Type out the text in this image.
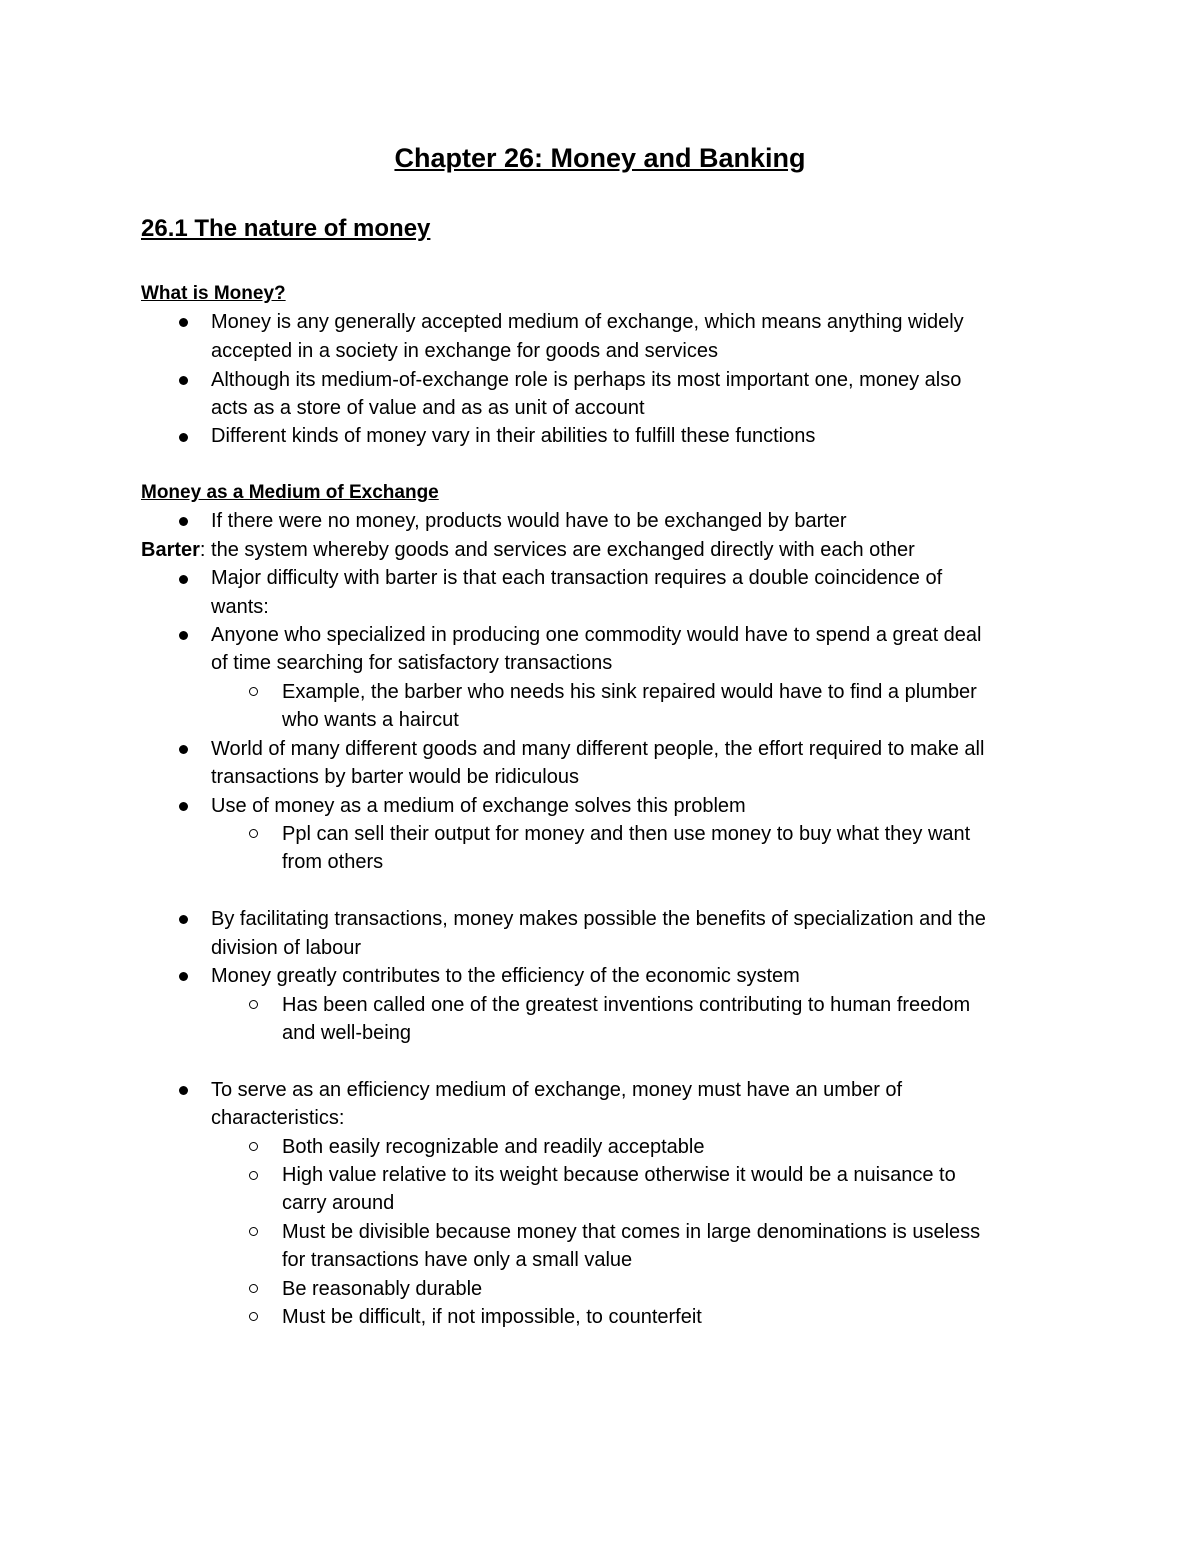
Chapter 26: Money and Banking
26.1 The nature of money
What is Money?
Money is any generally accepted medium of exchange, which means anything widely
accepted in a society in exchange for goods and services
Although its medium-of-exchange role is perhaps its most important one, money also
acts as a store of value and as as unit of account
Different kinds of money vary in their abilities to fulfill these functions
Money as a Medium of Exchange
If there were no money, products would have to be exchanged by barter
Barter: the system whereby goods and services are exchanged directly with each other
Major difficulty with barter is that each transaction requires a double coincidence of
wants:
Anyone who specialized in producing one commodity would have to spend a great deal
of time searching for satisfactory transactions
Example, the barber who needs his sink repaired would have to find a plumber
who wants a haircut
World of many different goods and many different people, the effort required to make all
transactions by barter would be ridiculous
Use of money as a medium of exchange solves this problem
Ppl can sell their output for money and then use money to buy what they want
from others
By facilitating transactions, money makes possible the benefits of specialization and the
division of labour
Money greatly contributes to the efficiency of the economic system
Has been called one of the greatest inventions contributing to human freedom
and well-being
To serve as an efficiency medium of exchange, money must have an umber of
characteristics:
Both easily recognizable and readily acceptable
High value relative to its weight because otherwise it would be a nuisance to
carry around
Must be divisible because money that comes in large denominations is useless
for transactions have only a small value
Be reasonably durable
Must be difficult, if not impossible, to counterfeit
